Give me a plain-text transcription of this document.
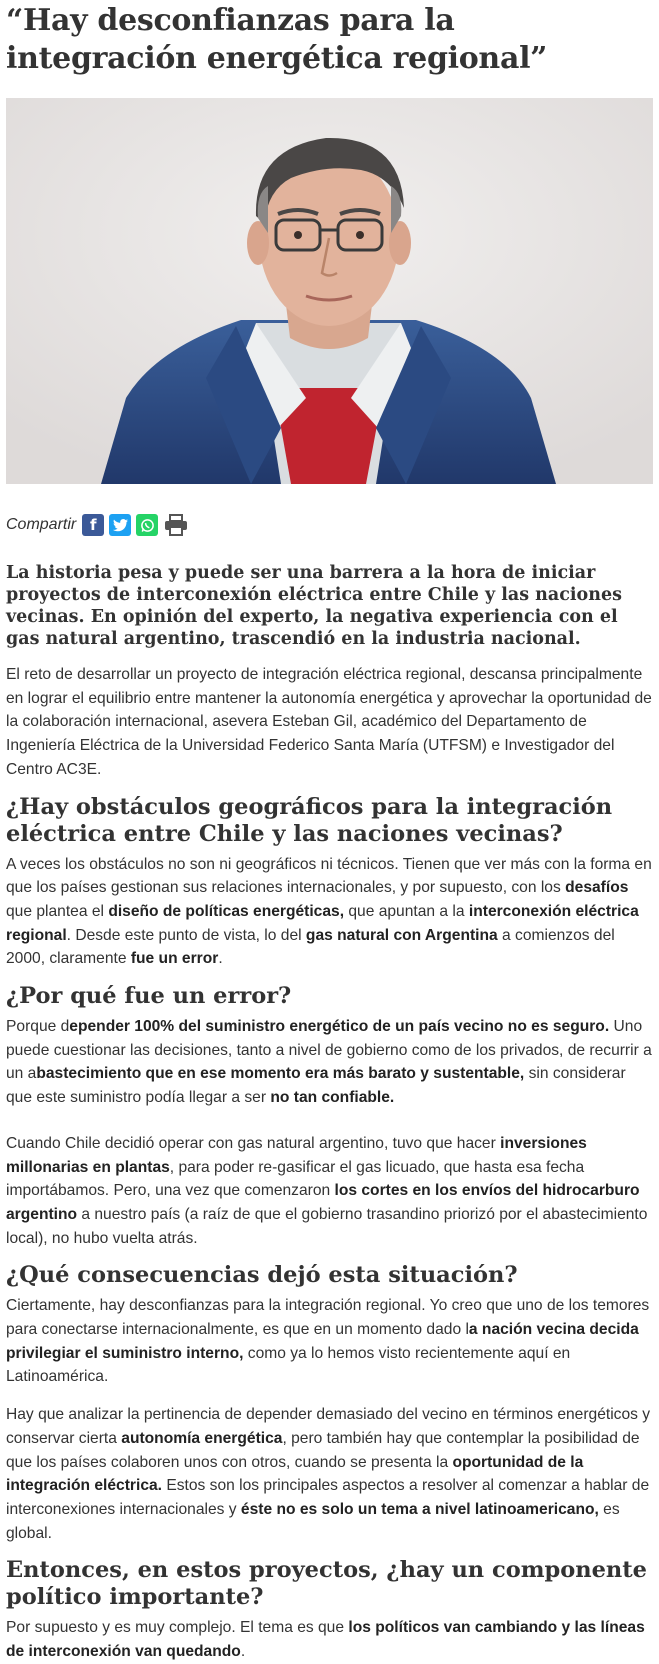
“Hay desconfianzas para la integración energética regional”
Compartir f

La historia pesa y puede ser una barrera a la hora de iniciar proyectos de interconexión eléctrica entre Chile y las naciones vecinas. En opinión del experto, la negativa experiencia con el gas natural argentino, trascendió en la industria nacional.

El reto de desarrollar un proyecto de integración eléctrica regional, descansa principalmente en lograr el equilibrio entre mantener la autonomía energética y aprovechar la oportunidad de la colaboración internacional, asevera Esteban Gil, académico del Departamento de Ingeniería Eléctrica de la Universidad Federico Santa María (UTFSM) e Investigador del Centro AC3E.

¿Hay obstáculos geográficos para la integración eléctrica entre Chile y las naciones vecinas?

A veces los obstáculos no son ni geográficos ni técnicos. Tienen que ver más con la forma en que los países gestionan sus relaciones internacionales, y por supuesto, con los desafíos que plantea el diseño de políticas energéticas, que apuntan a la interconexión eléctrica regional. Desde este punto de vista, lo del gas natural con Argentina a comienzos del 2000, claramente fue un error.

¿Por qué fue un error?

Porque depender 100% del suministro energético de un país vecino no es seguro. Uno puede cuestionar las decisiones, tanto a nivel de gobierno como de los privados, de recurrir a un abastecimiento que en ese momento era más barato y sustentable, sin considerar que este suministro podía llegar a ser no tan confiable.

Cuando Chile decidió operar con gas natural argentino, tuvo que hacer inversiones millonarias en plantas, para poder re-gasificar el gas licuado, que hasta esa fecha importábamos. Pero, una vez que comenzaron los cortes en los envíos del hidrocarburo argentino a nuestro país (a raíz de que el gobierno trasandino priorizó por el abastecimiento local), no hubo vuelta atrás.

¿Qué consecuencias dejó esta situación?

Ciertamente, hay desconfianzas para la integración regional. Yo creo que uno de los temores para conectarse internacionalmente, es que en un momento dado la nación vecina decida privilegiar el suministro interno, como ya lo hemos visto recientemente aquí en Latinoamérica.

Hay que analizar la pertinencia de depender demasiado del vecino en términos energéticos y conservar cierta autonomía energética, pero también hay que contemplar la posibilidad de que los países colaboren unos con otros, cuando se presenta la oportunidad de la integración eléctrica. Estos son los principales aspectos a resolver al comenzar a hablar de interconexiones internacionales y éste no es solo un tema a nivel latinoamericano, es global.

Entonces, en estos proyectos, ¿hay un componente político importante?

Por supuesto y es muy complejo. El tema es que los políticos van cambiando y las líneas de interconexión van quedando.
